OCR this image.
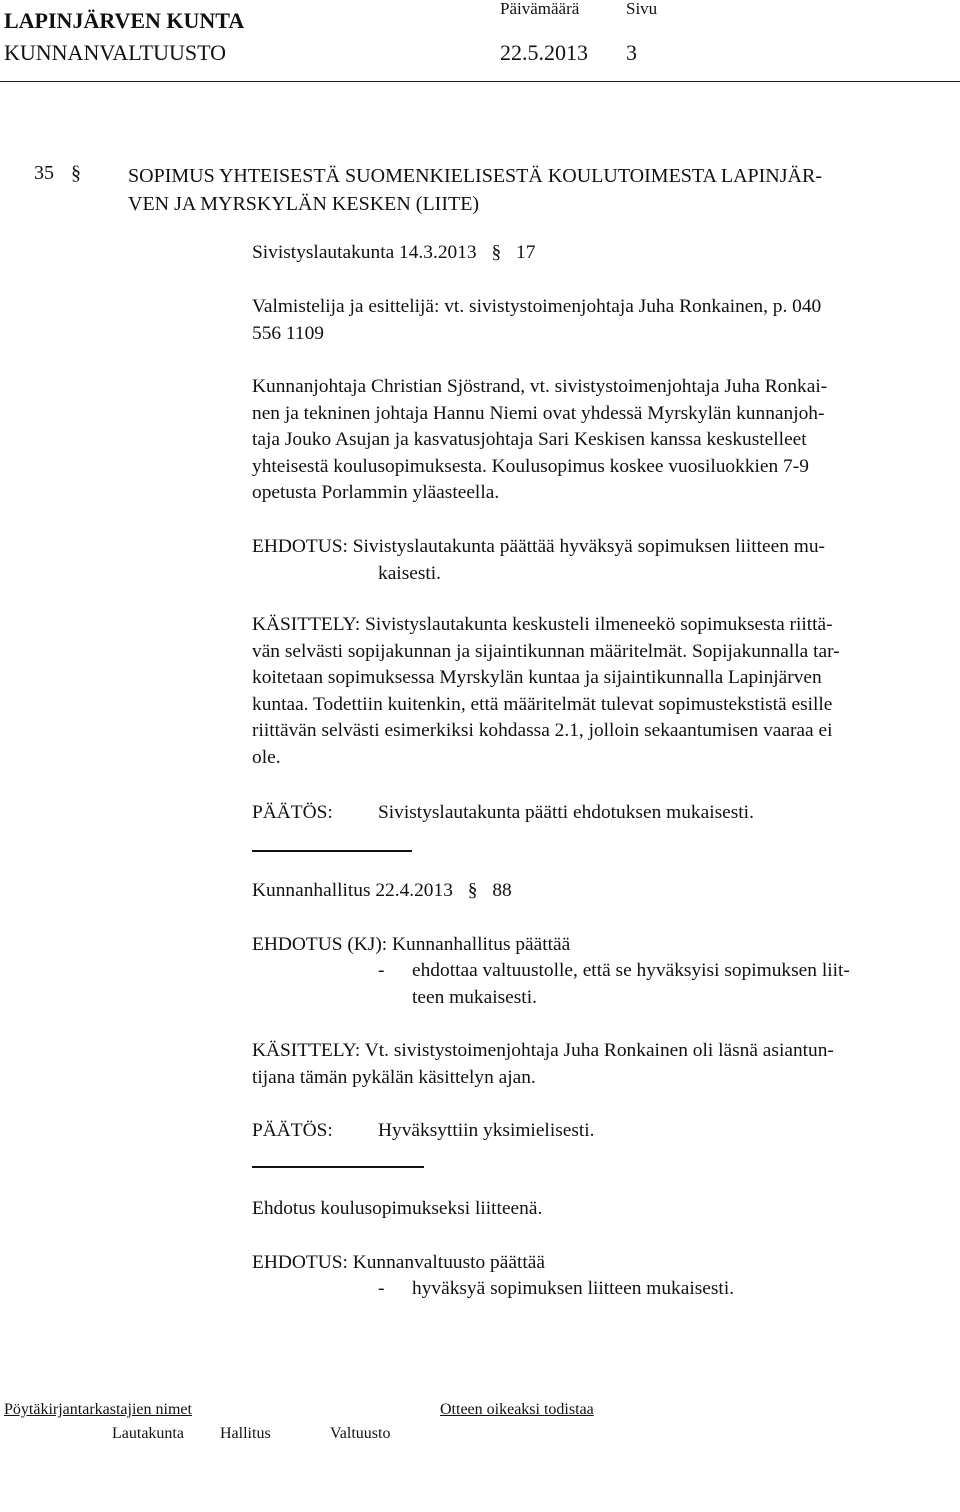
LAPINJÄRVEN KUNTA
KUNNANVALTUUSTO
Päivämäärä
22.5.2013
Sivu
3
35 § SOPIMUS YHTEISESTÄ SUOMENKIELISESTÄ KOULUTOIMESTA LAPINJÄR-
VEN JA MYRSKYLÄN KESKEN (LIITE)
Sivistyslautakunta 14.3.2013 § 17
Valmistelija ja esittelijä: vt. sivistystoimenjohtaja Juha Ronkainen, p. 040
556 1109
Kunnanjohtaja Christian Sjöstrand, vt. sivistystoimenjohtaja Juha Ronkai-
nen ja tekninen johtaja Hannu Niemi ovat yhdessä Myrskylän kunnanjoh-
taja Jouko Asujan ja kasvatusjohtaja Sari Keskisen kanssa keskustelleet
yhteisestä koulusopimuksesta. Koulusopimus koskee vuosiluokkien 7-9
opetusta Porlammin yläasteella.
EHDOTUS: Sivistyslautakunta päättää hyväksyä sopimuksen liitteen mu-
kaisesti.
KÄSITTELY: Sivistyslautakunta keskusteli ilmeneekö sopimuksesta riittä-
vän selvästi sopijakunnan ja sijaintikunnan määritelmät. Sopijakunnalla tar-
koitetaan sopimuksessa Myrskylän kuntaa ja sijaintikunnalla Lapinjärven
kuntaa. Todettiin kuitenkin, että määritelmät tulevat sopimustekstistä esille
riittävän selvästi esimerkiksi kohdassa 2.1, jolloin sekaantumisen vaaraa ei
ole.
PÄÄTÖS: Sivistyslautakunta päätti ehdotuksen mukaisesti.
Kunnanhallitus 22.4.2013 § 88
EHDOTUS (KJ): Kunnanhallitus päättää
- ehdottaa valtuustolle, että se hyväksyisi sopimuksen liit-
teen mukaisesti.
KÄSITTELY: Vt. sivistystoimenjohtaja Juha Ronkainen oli läsnä asiantun-
tijana tämän pykälän käsittelyn ajan.
PÄÄTÖS: Hyväksyttiin yksimielisesti.
Ehdotus koulusopimukseksi liitteenä.
EHDOTUS: Kunnanvaltuusto päättää
- hyväksyä sopimuksen liitteen mukaisesti.
Pöytäkirjantarkastajien nimet	Otteen oikeaksi todistaa
Lautakunta Hallitus	Valtuusto
